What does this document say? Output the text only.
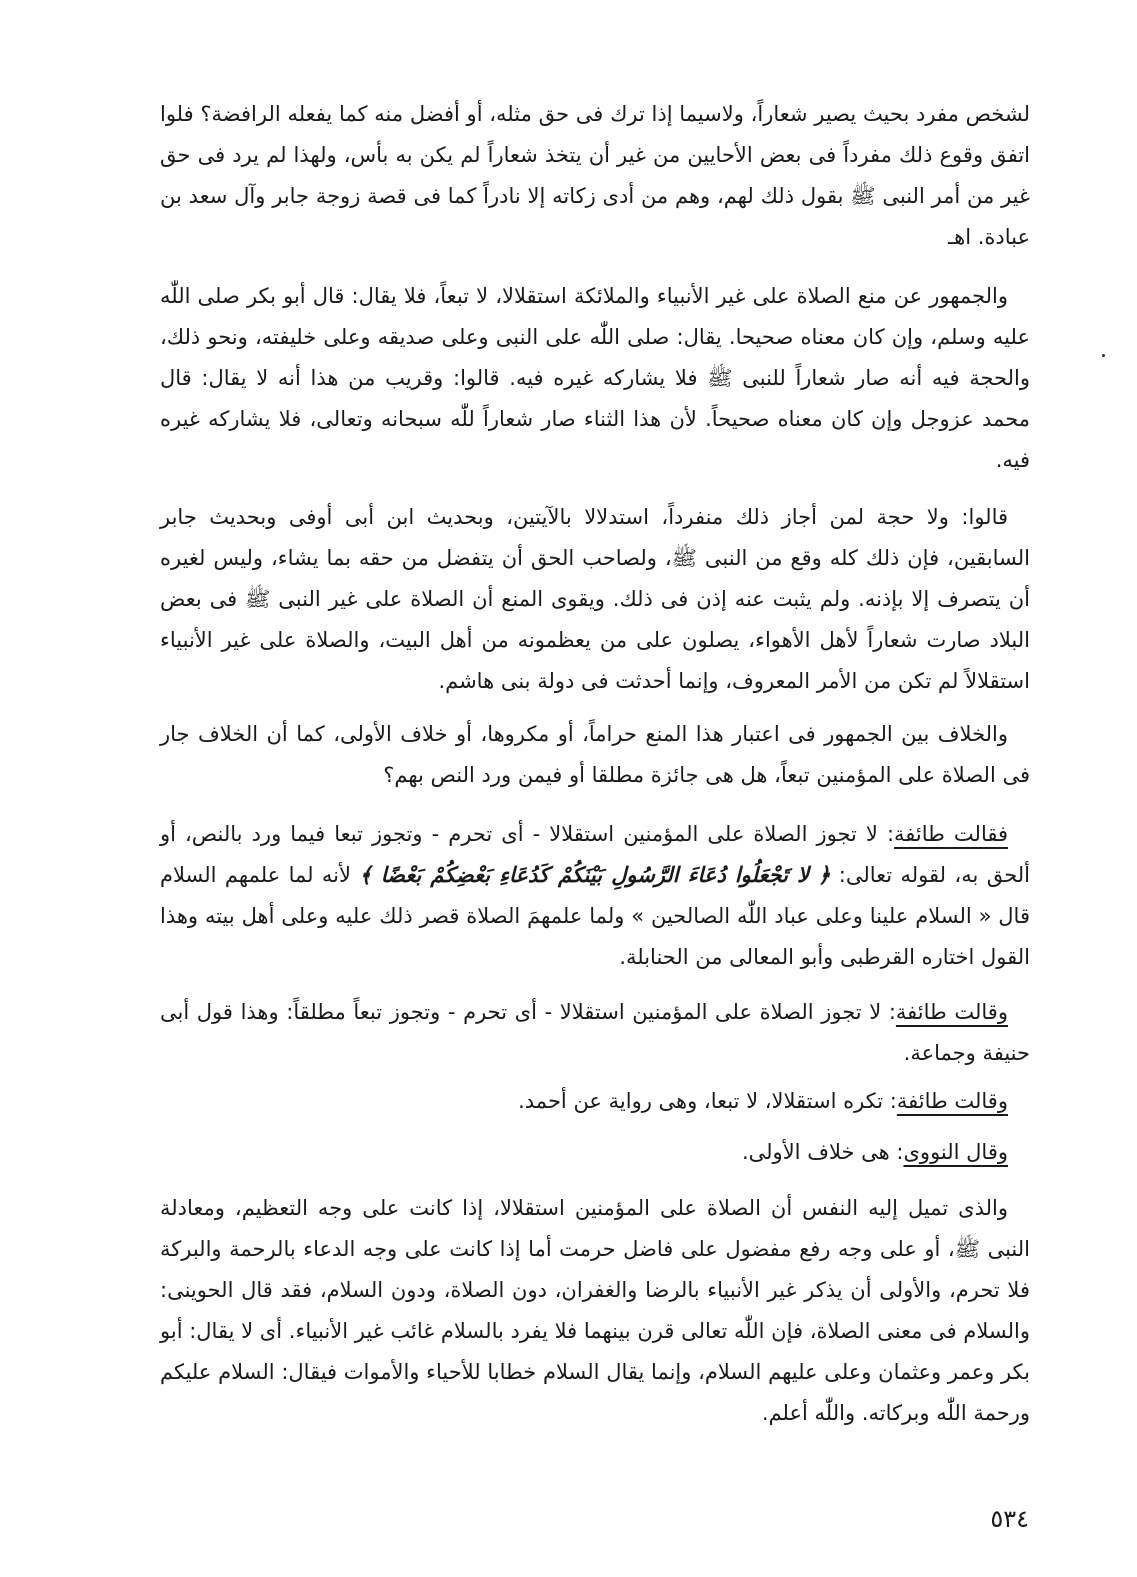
لشخص مفرد بحيث يصير شعاراً، ولاسيما إذا ترك فى حق مثله، أو أفضل منه كما يفعله الرافضة؟ فلوا اتفق وقوع ذلك مفرداً فى بعض الأحايين من غير أن يتخذ شعاراً لم يكن به بأس، ولهذا لم يرد فى حق غير من أمر النبى ﷺ بقول ذلك لهم، وهم من أدى زكاته إلا نادراً كما فى قصة زوجة جابر وآل سعد بن عبادة. اهـ
والجمهور عن منع الصلاة على غير الأنبياء والملائكة استقلالا، لا تبعاً، فلا يقال: قال أبو بكر صلى اللّٰه عليه وسلم، وإن كان معناه صحيحا. يقال: صلى اللّٰه على النبى وعلى صديقه وعلى خليفته، ونحو ذلك، والحجة فيه أنه صار شعاراً للنبى ﷺ فلا يشاركه غيره فيه. قالوا: وقريب من هذا أنه لا يقال: قال محمد عزوجل وإن كان معناه صحيحاً. لأن هذا الثناء صار شعاراً للّٰه سبحانه وتعالى، فلا يشاركه غيره فيه.
قالوا: ولا حجة لمن أجاز ذلك منفرداً، استدلالا بالآيتين، وبحديث ابن أبى أوفى وبحديث جابر السابقين، فإن ذلك كله وقع من النبى ﷺ، ولصاحب الحق أن يتفضل من حقه بما يشاء، وليس لغيره أن يتصرف إلا بإذنه. ولم يثبت عنه إذن فى ذلك. ويقوى المنع أن الصلاة على غير النبى ﷺ فى بعض البلاد صارت شعاراً لأهل الأهواء، يصلون على من يعظمونه من أهل البيت، والصلاة على غير الأنبياء استقلالاً لم تكن من الأمر المعروف، وإنما أحدثت فى دولة بنى هاشم.
والخلاف بين الجمهور فى اعتبار هذا المنع حراماً، أو مكروها، أو خلاف الأولى، كما أن الخلاف جار فى الصلاة على المؤمنين تبعاً، هل هى جائزة مطلقا أو فيمن ورد النص بهم؟
فقالت طائفة: لا تجوز الصلاة على المؤمنين استقلالا - أى تحرم - وتجوز تبعا فيما ورد بالنص، أو ألحق به، لقوله تعالى: ﴿ لا تَجْعَلُوا دُعَاءَ الرَّسُولِ بَيْنَكُمْ كَدُعَاءِ بَعْضِكُمْ بَعْضًا ﴾ لأنه لما علمهم السلام قال « السلام علينا وعلى عباد اللّٰه الصالحين » ولما علمهمَ الصلاة قصر ذلك عليه وعلى أهل بيته وهذا القول اختاره القرطبى وأبو المعالى من الحنابلة.
وقالت طائفة: لا تجوز الصلاة على المؤمنين استقلالا - أى تحرم - وتجوز تبعاً مطلقاً: وهذا قول أبى حنيفة وجماعة.
وقالت طائفة: تكره استقلالا، لا تبعا، وهى رواية عن أحمد.
وقال النووى: هى خلاف الأولى.
والذى تميل إليه النفس أن الصلاة على المؤمنين استقلالا، إذا كانت على وجه التعظيم، ومعادلة النبى ﷺ، أو على وجه رفع مفضول على فاضل حرمت أما إذا كانت على وجه الدعاء بالرحمة والبركة فلا تحرم، والأولى أن يذكر غير الأنبياء بالرضا والغفران، دون الصلاة، ودون السلام، فقد قال الحوينى: والسلام فى معنى الصلاة، فإن اللّٰه تعالى قرن بينهما فلا يفرد بالسلام غائب غير الأنبياء. أى لا يقال: أبو بكر وعمر وعثمان وعلى عليهم السلام، وإنما يقال السلام خطابا للأحياء والأموات فيقال: السلام عليكم ورحمة اللّٰه وبركاته. واللّٰه أعلم.
٥٣٤
